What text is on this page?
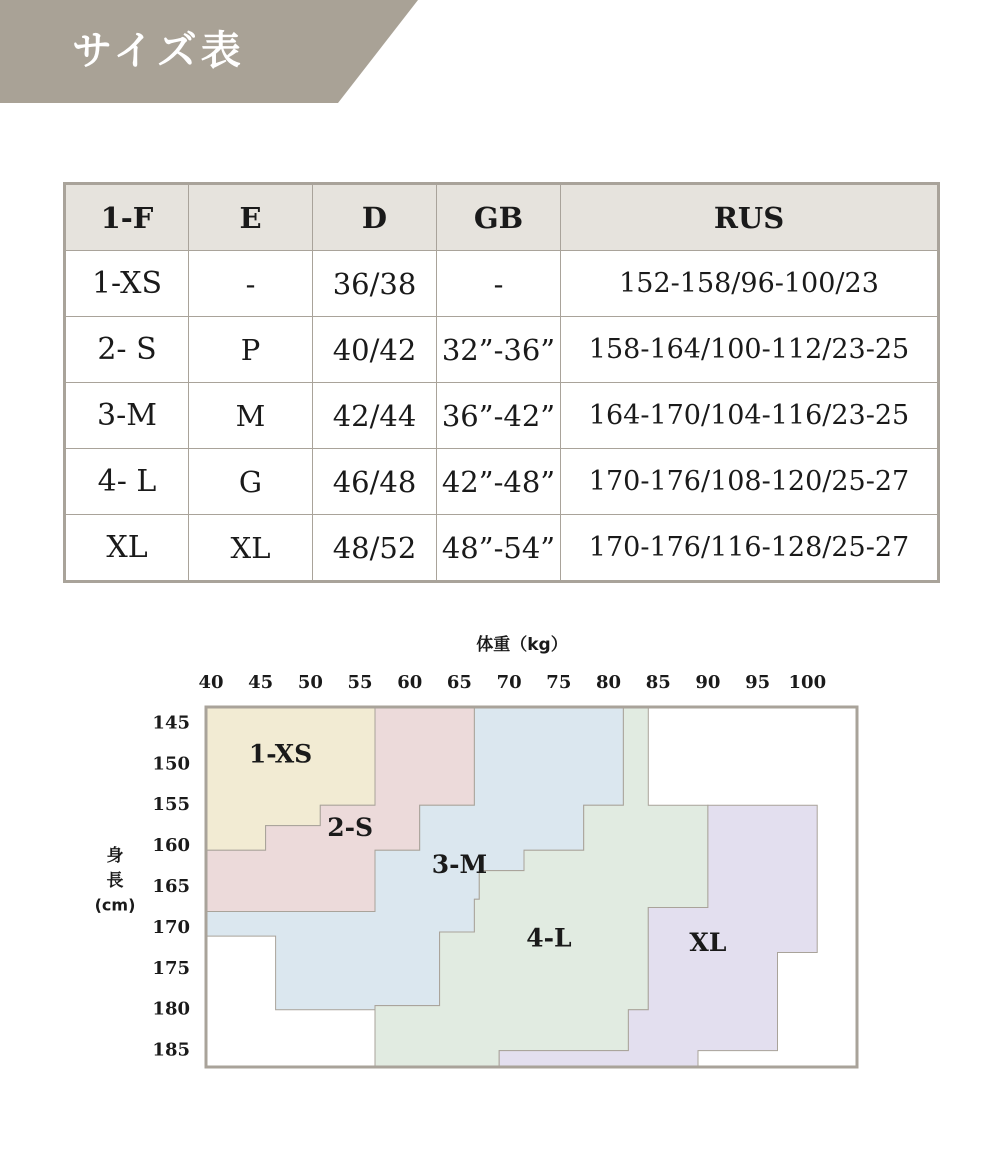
サイズ表
1-F	E	D	GB	RUS
1-XS	-	36/38	-	152-158/96-100/23
2- S	P	40/42	32”-36”	158-164/100-112/23-25
3-M	M	42/44	36”-42”	164-170/104-116/23-25
4- L	G	46/48	42”-48”	170-176/108-120/25-27
XL	XL	48/52	48”-54”	170-176/116-128/25-27
1-XS
2-S
3-M
4-L	XL
体重（kg）
40 45 50 55 60 65 70 75 80 85 90 95 100
145
150
155
160
165
170
175
180
185
身
長
(cm)
